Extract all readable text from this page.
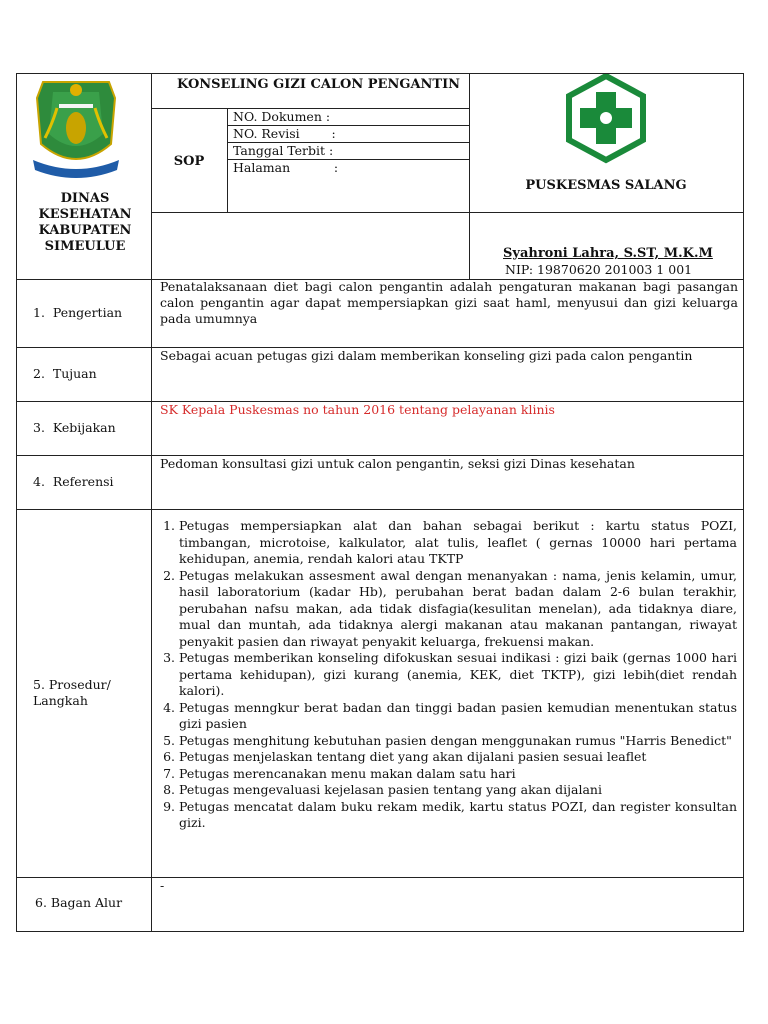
SIMEULUE
DINAS KESEHATAN KABUPATEN SIMEULUE
KONSELING GIZI CALON PENGANTIN
SOP
NO. Dokumen :
NO. Revisi        :
Tanggal Terbit :
Halaman           :
PUSKESMAS SALANG
Syahroni Lahra, S.ST, M.K.M
NIP: 19870620 201003 1 001
1.  Pengertian
2.  Tujuan
3.  Kebijakan
4.  Referensi
5. Prosedur/ Langkah
6. Bagan Alur
Penatalaksanaan diet bagi calon pengantin adalah pengaturan makanan bagi pasangan calon pengantin agar dapat mempersiapkan gizi saat haml, menyusui dan gizi keluarga pada umumnya
Sebagai acuan petugas gizi dalam memberikan konseling gizi pada calon pengantin
SK Kepala Puskesmas no tahun 2016 tentang pelayanan klinis
Pedoman konsultasi gizi untuk calon pengantin, seksi gizi Dinas kesehatan
1. Petugas mempersiapkan alat dan bahan sebagai berikut : kartu status POZI, timbangan, microtoise, kalkulator, alat tulis, leaflet ( gernas 10000 hari pertama kehidupan, anemia, rendah kalori atau TKTP
2. Petugas melakukan assesment awal dengan menanyakan : nama, jenis kelamin, umur, hasil laboratorium (kadar Hb), perubahan berat badan dalam 2-6 bulan terakhir, perubahan nafsu makan, ada tidak disfagia(kesulitan menelan), ada tidaknya diare, mual dan muntah, ada tidaknya alergi makanan atau makanan pantangan, riwayat penyakit pasien dan riwayat penyakit keluarga, frekuensi makan.
3. Petugas memberikan konseling difokuskan sesuai indikasi : gizi baik (gernas 1000 hari pertama kehidupan), gizi kurang (anemia, KEK, diet TKTP), gizi lebih(diet rendah kalori).
4. Petugas menngkur berat badan dan tinggi badan pasien kemudian menentukan status gizi pasien
5. Petugas menghitung kebutuhan pasien dengan menggunakan rumus "Harris Benedict"
6. Petugas menjelaskan tentang diet yang akan dijalani pasien sesuai leaflet
7. Petugas merencanakan menu makan dalam satu hari
8. Petugas mengevaluasi kejelasan pasien tentang yang akan dijalani
9. Petugas mencatat dalam buku rekam medik, kartu status POZI, dan register konsultan gizi.
-
